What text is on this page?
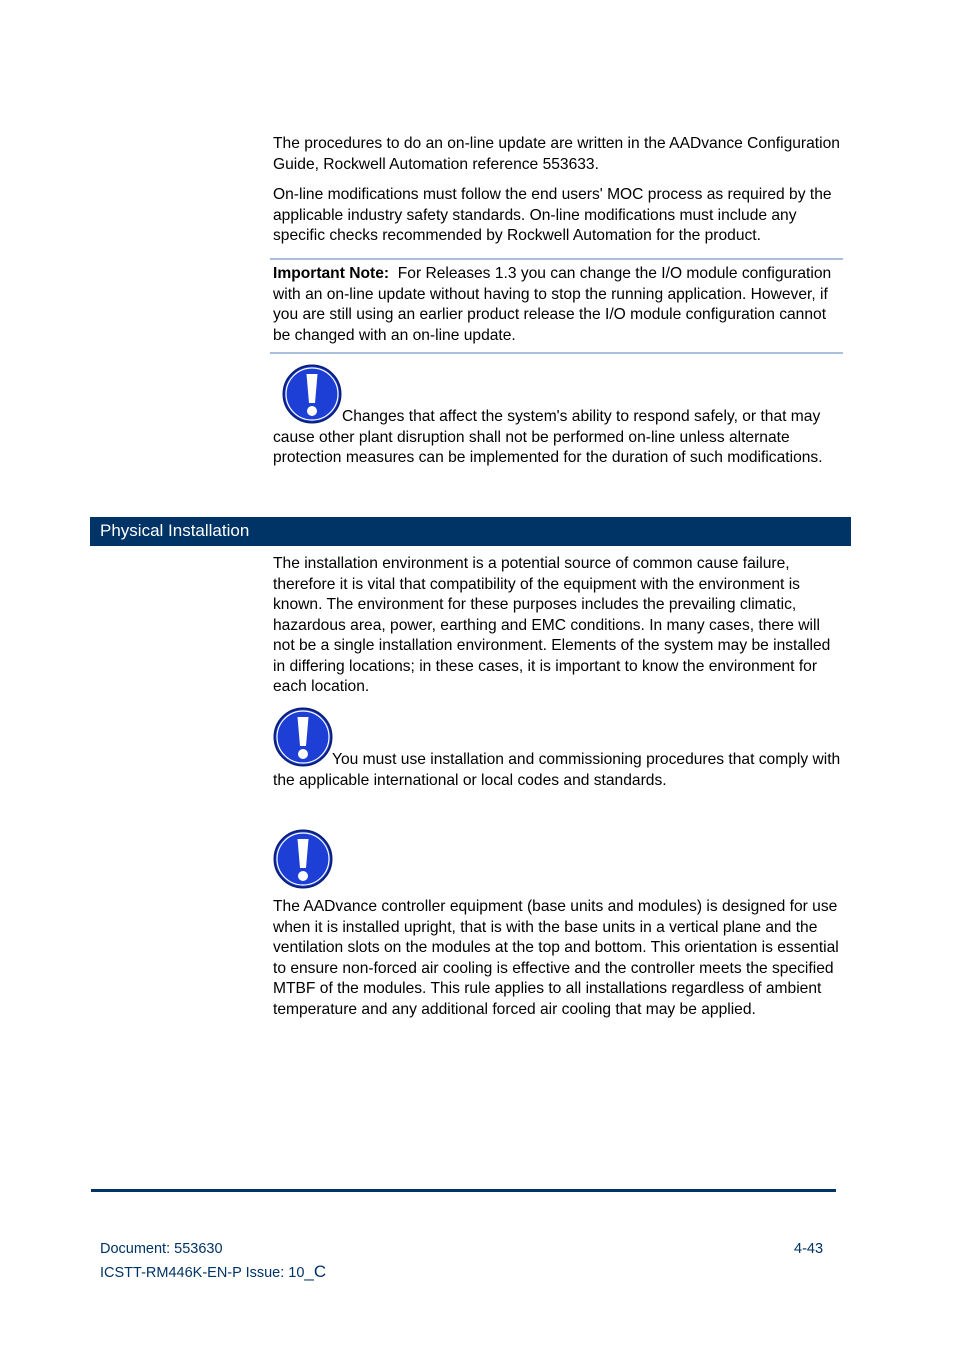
The procedures to do an on-line update are written in the AADvance Configuration Guide, Rockwell Automation reference 553633.

On-line modifications must follow the end users' MOC process as required by the applicable industry safety standards. On-line modifications must include any specific checks recommended by Rockwell Automation for the product.

Important Note: For Releases 1.3 you can change the I/O module configuration with an on-line update without having to stop the running application. However, if you are still using an earlier product release the I/O module configuration cannot be changed with an on-line update.

Changes that affect the system's ability to respond safely, or that may cause other plant disruption shall not be performed on-line unless alternate protection measures can be implemented for the duration of such modifications.

Physical Installation

The installation environment is a potential source of common cause failure, therefore it is vital that compatibility of the equipment with the environment is known. The environment for these purposes includes the prevailing climatic, hazardous area, power, earthing and EMC conditions. In many cases, there will not be a single installation environment. Elements of the system may be installed in differing locations; in these cases, it is important to know the environment for each location.

You must use installation and commissioning procedures that comply with the applicable international or local codes and standards.

The AADvance controller equipment (base units and modules) is designed for use when it is installed upright, that is with the base units in a vertical plane and the ventilation slots on the modules at the top and bottom. This orientation is essential to ensure non-forced air cooling is effective and the controller meets the specified MTBF of the modules. This rule applies to all installations regardless of ambient temperature and any additional forced air cooling that may be applied.

Document: 553630
ICSTT-RM446K-EN-P Issue: 10_C
4-43
